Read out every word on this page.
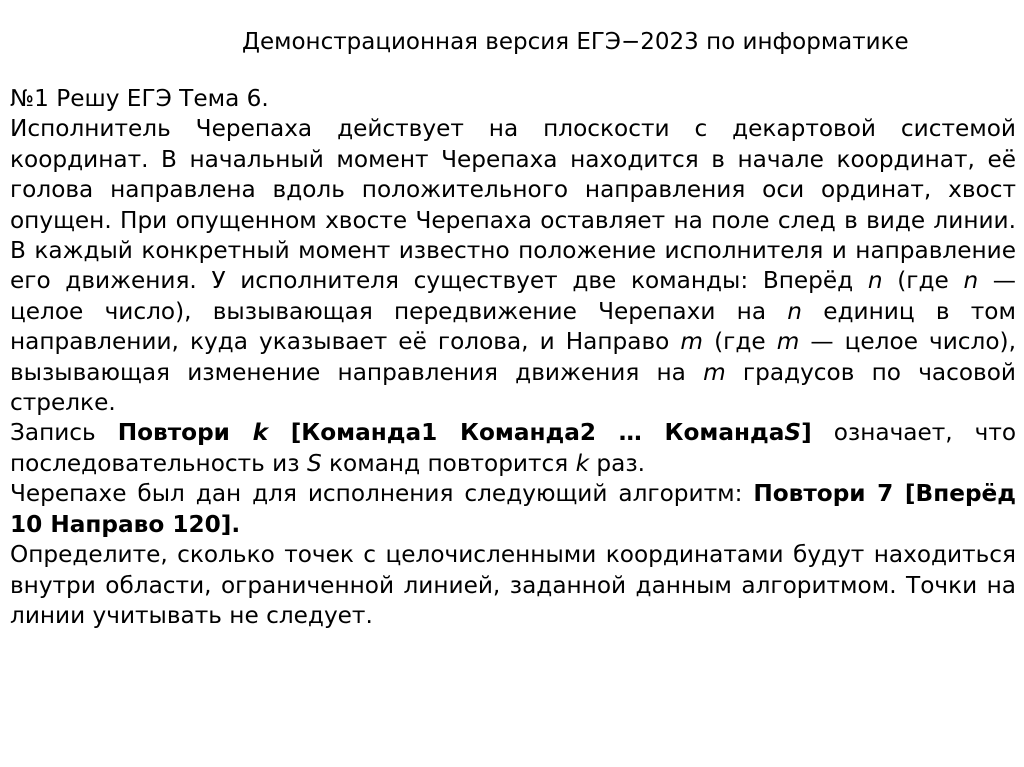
Демонстрационная версия ЕГЭ−2023 по информатике

№1 Решу ЕГЭ Тема 6.

Исполнитель Черепаха действует на плоскости с декартовой системой координат. В начальный момент Черепаха находится в начале координат, её голова направлена вдоль положительного направления оси ординат, хвост опущен. При опущенном хвосте Черепаха оставляет на поле след в виде линии. В каждый конкретный момент известно положение исполнителя и направление его движения. У исполнителя существует две команды: Вперёд n (где n — целое число), вызывающая передвижение Черепахи на n единиц в том направлении, куда указывает её голова, и Направо m (где m — целое число), вызывающая изменение направления движения на m градусов по часовой стрелке.

Запись Повтори k [Команда1 Команда2 … КомандаS] означает, что последовательность из S команд повторится k раз.

Черепахе был дан для исполнения следующий алгоритм: Повтори 7 [Вперёд 10 Направо 120].

Определите, сколько точек с целочисленными координатами будут находиться внутри области, ограниченной линией, заданной данным алгоритмом. Точки на линии учитывать не следует.
